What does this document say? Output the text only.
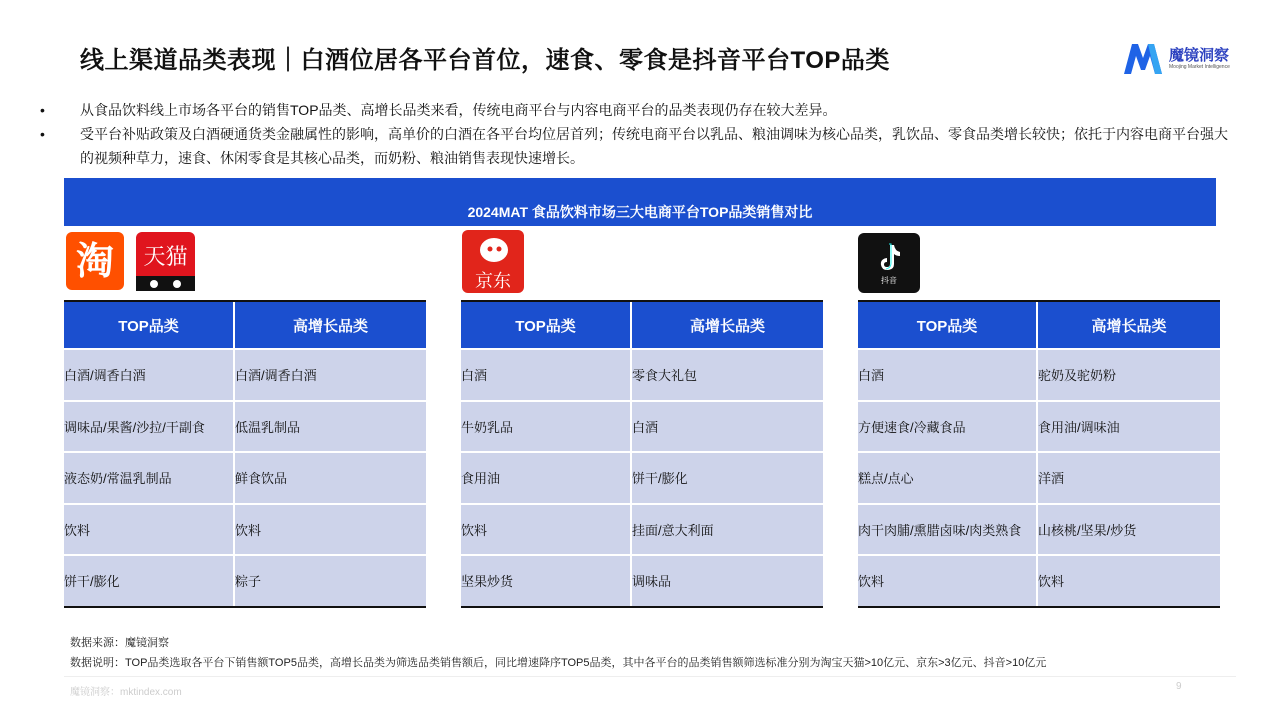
线上渠道品类表现｜白酒位居各平台首位，速食、零食是抖音平台TOP品类	魔镜洞察
Moojing Market Intelligence
•	从食品饮料线上市场各平台的销售TOP品类、高增长品类来看，传统电商平台与内容电商平台的品类表现仍存在较大差异。
•	受平台补贴政策及白酒硬通货类金融属性的影响，高单价的白酒在各平台均位居首列；传统电商平台以乳品、粮油调味为核心品类，乳饮品、零食品类增长较快；依托于内容电商平台强大的视频种草力，速食、休闲零食是其核心品类，而奶粉、粮油销售表现快速增长。
2024MAT 食品饮料市场三大电商平台TOP品类销售对比
淘 天猫
京东	抖音
TOP品类	高增长品类
白酒/调香白酒	白酒/调香白酒
调味品/果酱/沙拉/干副食	低温乳制品
液态奶/常温乳制品	鲜食饮品
饮料	饮料
饼干/膨化	粽子
TOP品类	高增长品类
白酒	零食大礼包
牛奶乳品	白酒
食用油	饼干/膨化
饮料	挂面/意大利面
坚果炒货	调味品
TOP品类	高增长品类
白酒	驼奶及驼奶粉
方便速食/冷藏食品	食用油/调味油
糕点/点心	洋酒
肉干肉脯/熏腊卤味/肉类熟食	山核桃/坚果/炒货
饮料	饮料
数据来源：魔镜洞察
数据说明：TOP品类选取各平台下销售额TOP5品类，高增长品类为筛选品类销售额后，同比增速降序TOP5品类，其中各平台的品类销售额筛选标准分别为淘宝天猫>10亿元、京东>3亿元、抖音>10亿元
魔镜洞察：mktindex.com
9
